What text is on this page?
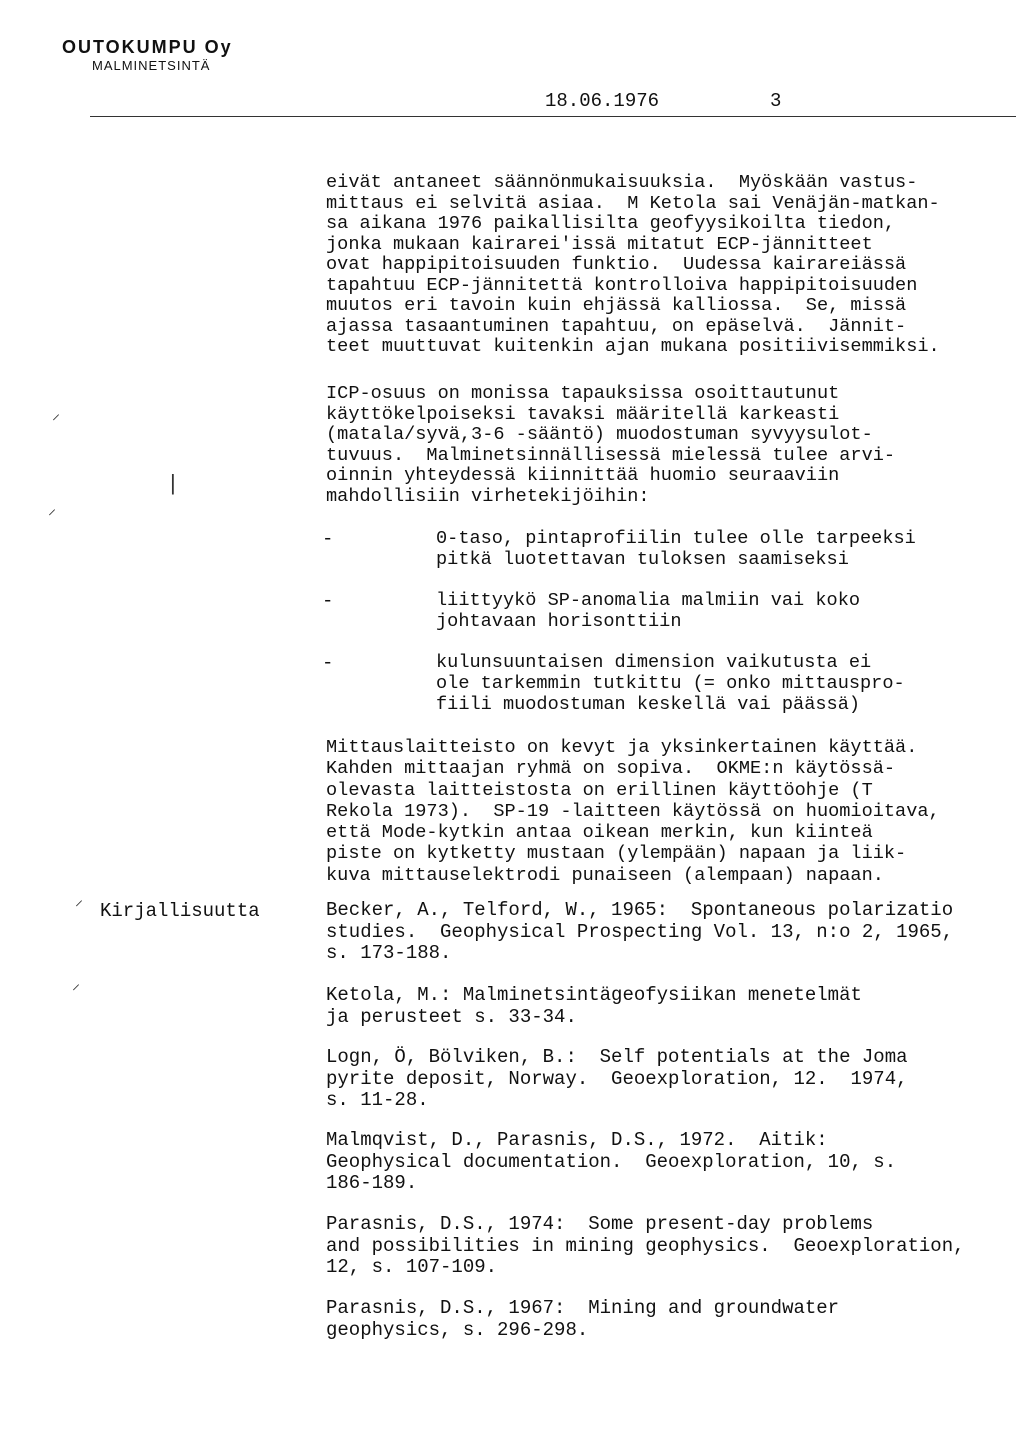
OUTOKUMPU Oy
MALMINETSINTÄ
18.06.1976	3
eivät antaneet säännönmukaisuuksia.  Myöskään vastus-
mittaus ei selvitä asiaa.  M Ketola sai Venäjän-matkan-
sa aikana 1976 paikallisilta geofyysikoilta tiedon,
jonka mukaan kairarei'issä mitatut ECP-jännitteet
ovat happipitoisuuden funktio.  Uudessa kairareiässä
tapahtuu ECP-jännitettä kontrolloiva happipitoisuuden
muutos eri tavoin kuin ehjässä kalliossa.  Se, missä
ajassa tasaantuminen tapahtuu, on epäselvä.  Jännit-
teet muuttuvat kuitenkin ajan mukana positiivisemmiksi.
ICP-osuus on monissa tapauksissa osoittautunut
käyttökelpoiseksi tavaksi määritellä karkeasti
(matala/syvä,3-6 -sääntö) muodostuman syvyysulot-
tuvuus.  Malminetsinnällisessä mielessä tulee arvi-
oinnin yhteydessä kiinnittää huomio seuraaviin
mahdollisiin virhetekijöihin:
-	0-taso, pintaprofiilin tulee olle tarpeeksi
pitkä luotettavan tuloksen saamiseksi
-	liittyykö SP-anomalia malmiin vai koko
johtavaan horisonttiin
-	kulunsuuntaisen dimension vaikutusta ei
ole tarkemmin tutkittu (= onko mittauspro-
fiili muodostuman keskellä vai päässä)
Mittauslaitteisto on kevyt ja yksinkertainen käyttää.
Kahden mittaajan ryhmä on sopiva.  OKME:n käytössä-
olevasta laitteistosta on erillinen käyttöohje (T
Rekola 1973).  SP-19 -laitteen käytössä on huomioitava,
että Mode-kytkin antaa oikean merkin, kun kiinteä
piste on kytketty mustaan (ylempään) napaan ja liik-
kuva mittauselektrodi punaiseen (alempaan) napaan.
Kirjallisuutta	Becker, A., Telford, W., 1965:  Spontaneous polarizatio
studies.  Geophysical Prospecting Vol. 13, n:o 2, 1965,
s. 173-188.
Ketola, M.: Malminetsintägeofysiikan menetelmät
ja perusteet s. 33-34.
Logn, Ö, Bölviken, B.:  Self potentials at the Joma
pyrite deposit, Norway.  Geoexploration, 12.  1974,
s. 11-28.
Malmqvist, D., Parasnis, D.S., 1972.  Aitik:
Geophysical documentation.  Geoexploration, 10, s.
186-189.
Parasnis, D.S., 1974:  Some present-day problems
and possibilities in mining geophysics.  Geoexploration,
12, s. 107-109.
Parasnis, D.S., 1967:  Mining and groundwater
geophysics, s. 296-298.
⸝
⸝
|
⸝
⸝
